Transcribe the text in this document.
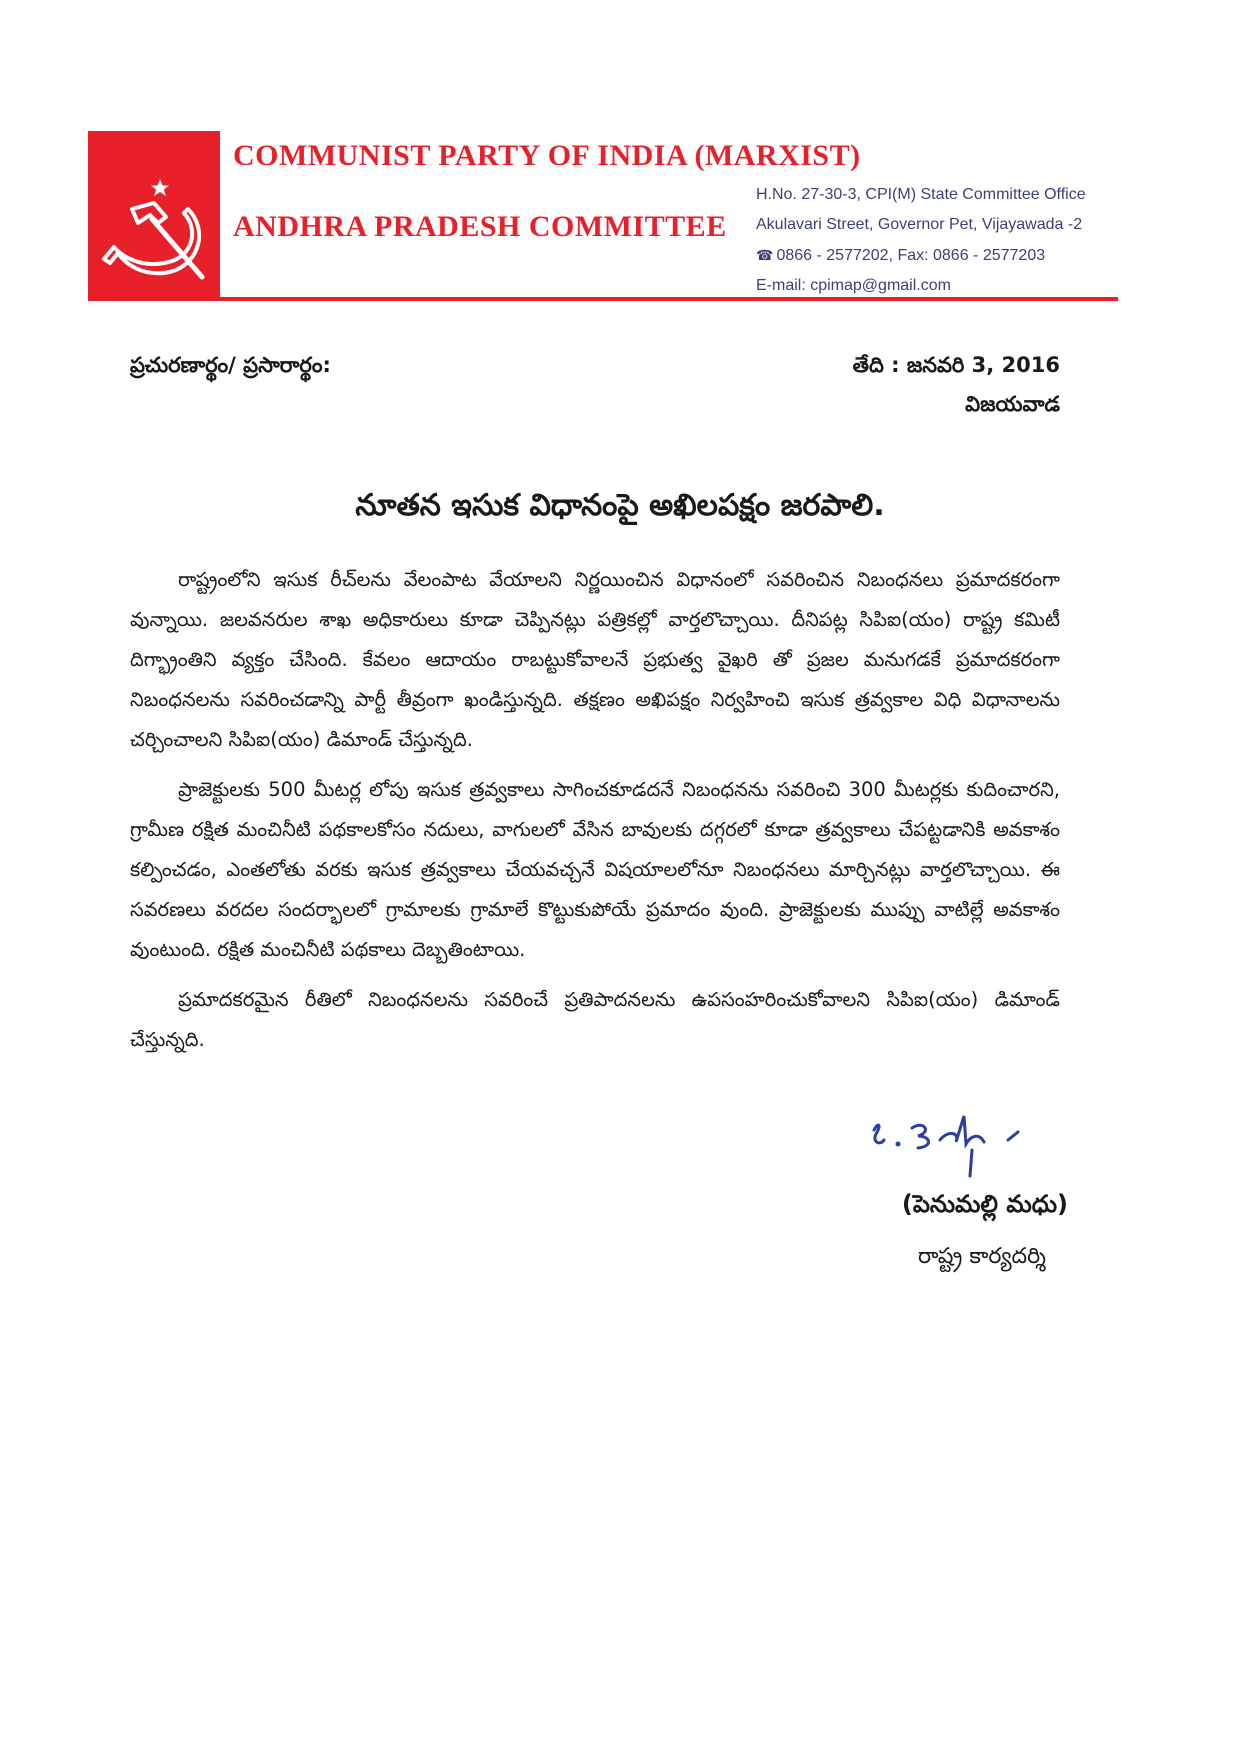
COMMUNIST PARTY OF INDIA (MARXIST)
ANDHRA PRADESH COMMITTEE
H.No. 27-30-3, CPI(M) State Committee Office
Akulavari Street, Governor Pet, Vijayawada -2
☎ 0866 - 2577202, Fax: 0866 - 2577203
E-mail: cpimap@gmail.com
ప్రచురణార్థం/ ప్రసారార్థం:	తేది : జనవరి 3, 2016
విజయవాడ
నూతన ఇసుక విధానంపై అఖిలపక్షం జరపాలి.

రాష్ట్రంలోని ఇసుక రీచ్‌లను వేలంపాట వేయాలని నిర్ణయించిన విధానంలో సవరించిన నిబంధనలు ప్రమాదకరంగా వున్నాయి. జలవనరుల శాఖ అధికారులు కూడా చెప్పినట్లు పత్రికల్లో వార్తలొచ్చాయి. దీనిపట్ల సిపిఐ(యం) రాష్ట్ర కమిటీ దిగ్భ్రాంతిని వ్యక్తం చేసింది. కేవలం ఆదాయం రాబట్టుకోవాలనే ప్రభుత్వ వైఖరి తో ప్రజల మనుగడకే ప్రమాదకరంగా నిబంధనలను సవరించడాన్ని పార్టీ తీవ్రంగా ఖండిస్తున్నది. తక్షణం అఖిపక్షం నిర్వహించి ఇసుక త్రవ్వకాల విధి విధానాలను చర్చించాలని సిపిఐ(యం) డిమాండ్ చేస్తున్నది.

ప్రాజెక్టులకు 500 మీటర్ల లోపు ఇసుక త్రవ్వకాలు సాగించకూడదనే నిబంధనను సవరించి 300 మీటర్లకు కుదించారని, గ్రామీణ రక్షిత మంచినీటి పథకాలకోసం నదులు, వాగులలో వేసిన బావులకు దగ్గరలో కూడా త్రవ్వకాలు చేపట్టడానికి అవకాశం కల్పించడం, ఎంతలోతు వరకు ఇసుక త్రవ్వకాలు చేయవచ్చనే విషయాలలోనూ నిబంధనలు మార్చినట్లు వార్తలొచ్చాయి. ఈ సవరణలు వరదల సందర్భాలలో గ్రామాలకు గ్రామాలే కొట్టుకుపోయే ప్రమాదం వుంది. ప్రాజెక్టులకు ముప్పు వాటిల్లే అవకాశం వుంటుంది. రక్షిత మంచినీటి పథకాలు దెబ్బతింటాయి.

ప్రమాదకరమైన రీతిలో నిబంధనలను సవరించే ప్రతిపాదనలను ఉపసంహరించుకోవాలని సిపిఐ(యం) డిమాండ్ చేస్తున్నది.

(పెనుమల్లి మధు)
రాష్ట్ర కార్యదర్శి
